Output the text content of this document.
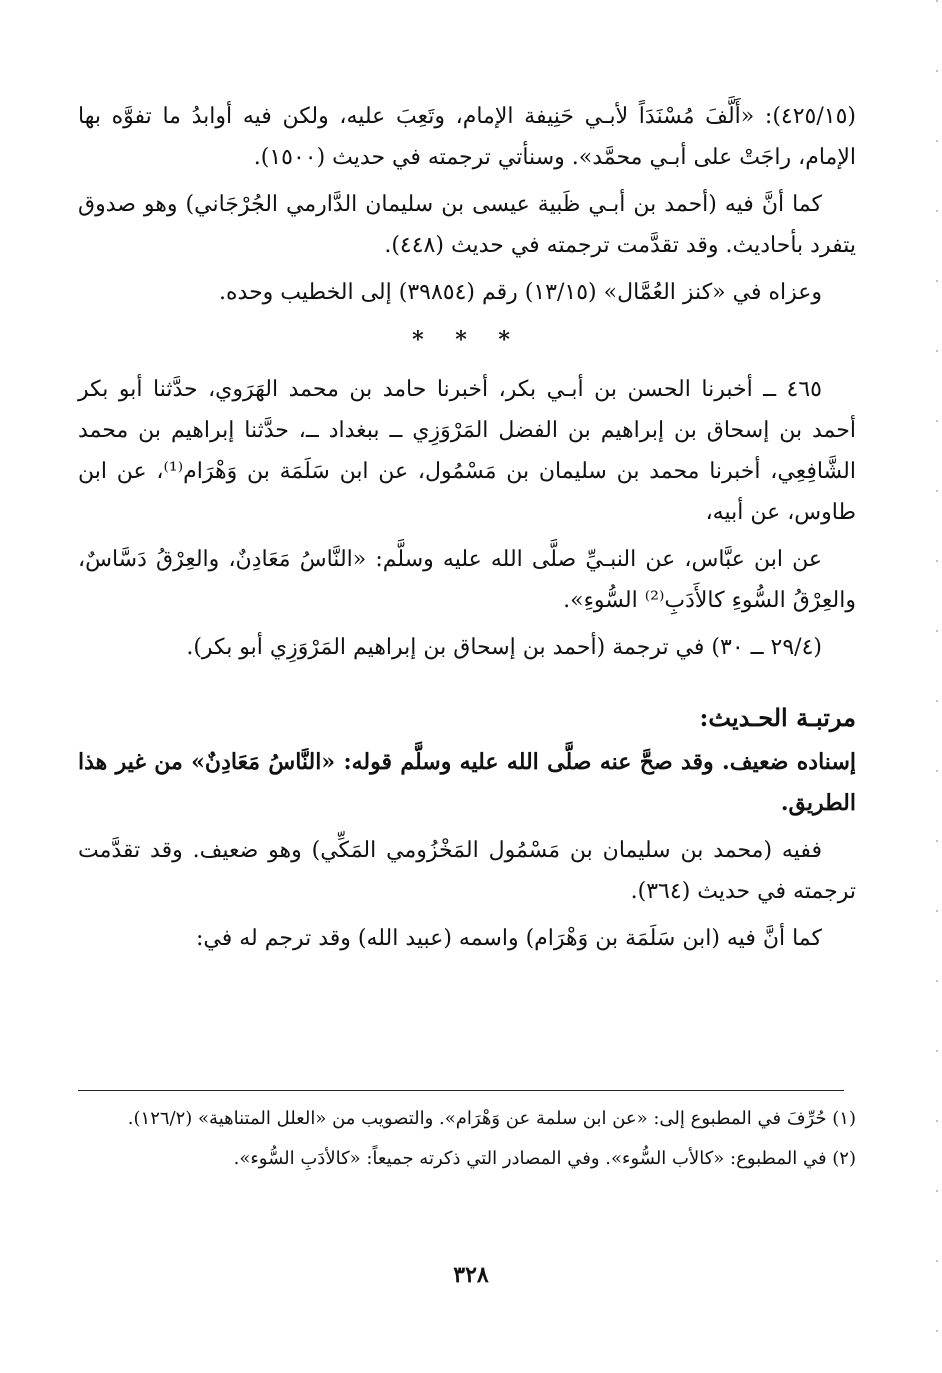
(٤٢٥/١٥): «أَلَّفَ مُسْنَدَاً لأبـي حَنِيفة الإمام، وتَعِبَ عليه، ولكن فيه أوابدُ ما تفوَّه بها الإمام، راجَتْ على أبـي محمَّد». وسنأتي ترجمته في حديث (١٥٠٠).

كما أنَّ فيه (أحمد بن أبـي ظَبية عيسى بن سليمان الدَّارمي الجُرْجَاني) وهو صدوق يتفرد بأحاديث. وقد تقدَّمت ترجمته في حديث (٤٤٨).

وعزاه في «كنز العُمَّال» (١٣/١٥) رقم (٣٩٨٥٤) إلى الخطيب وحده.

* * *

٤٦٥ ــ أخبرنا الحسن بن أبـي بكر، أخبرنا حامد بن محمد الهَرَوي، حدَّثنا أبو بكر أحمد بن إسحاق بن إبراهيم بن الفضل المَرْوَزِي ــ ببغداد ــ، حدَّثنا إبراهيم بن محمد الشَّافِعِي، أخبرنا محمد بن سليمان بن مَسْمُول، عن ابن سَلَمَة بن وَهْرَام⁽¹⁾، عن ابن طاوس، عن أبيه،

عن ابن عبَّاس، عن النبـيِّ صلَّى الله عليه وسلَّم: «النَّاسُ مَعَادِنٌ، والعِرْقُ دَسَّاسٌ، والعِرْقُ السُّوءِ كالأَدَبِ⁽²⁾ السُّوءِ».

(٢٩/٤ ــ ٣٠) في ترجمة (أحمد بن إسحاق بن إبراهيم المَرْوَزِي أبو بكر).

مرتبـة الحـديث:

إسناده ضعيف. وقد صحَّ عنه صلَّى الله عليه وسلَّم قوله: «النَّاسُ مَعَادِنٌ» من غير هذا الطريق.

ففيه (محمد بن سليمان بن مَسْمُول المَخْزُومي المَكِّي) وهو ضعيف. وقد تقدَّمت ترجمته في حديث (٣٦٤).

كما أنَّ فيه (ابن سَلَمَة بن وَهْرَام) واسمه (عبيد الله) وقد ترجم له في:

(١) حُرِّفَ في المطبوع إلى: «عن ابن سلمة عن وَهْرَام». والتصويب من «العلل المتناهية» (١٢٦/٢).

(٢) في المطبوع: «كالأب السُّوء». وفي المصادر التي ذكرته جميعاً: «كالأدَبِ السُّوء».

٣٢٨
